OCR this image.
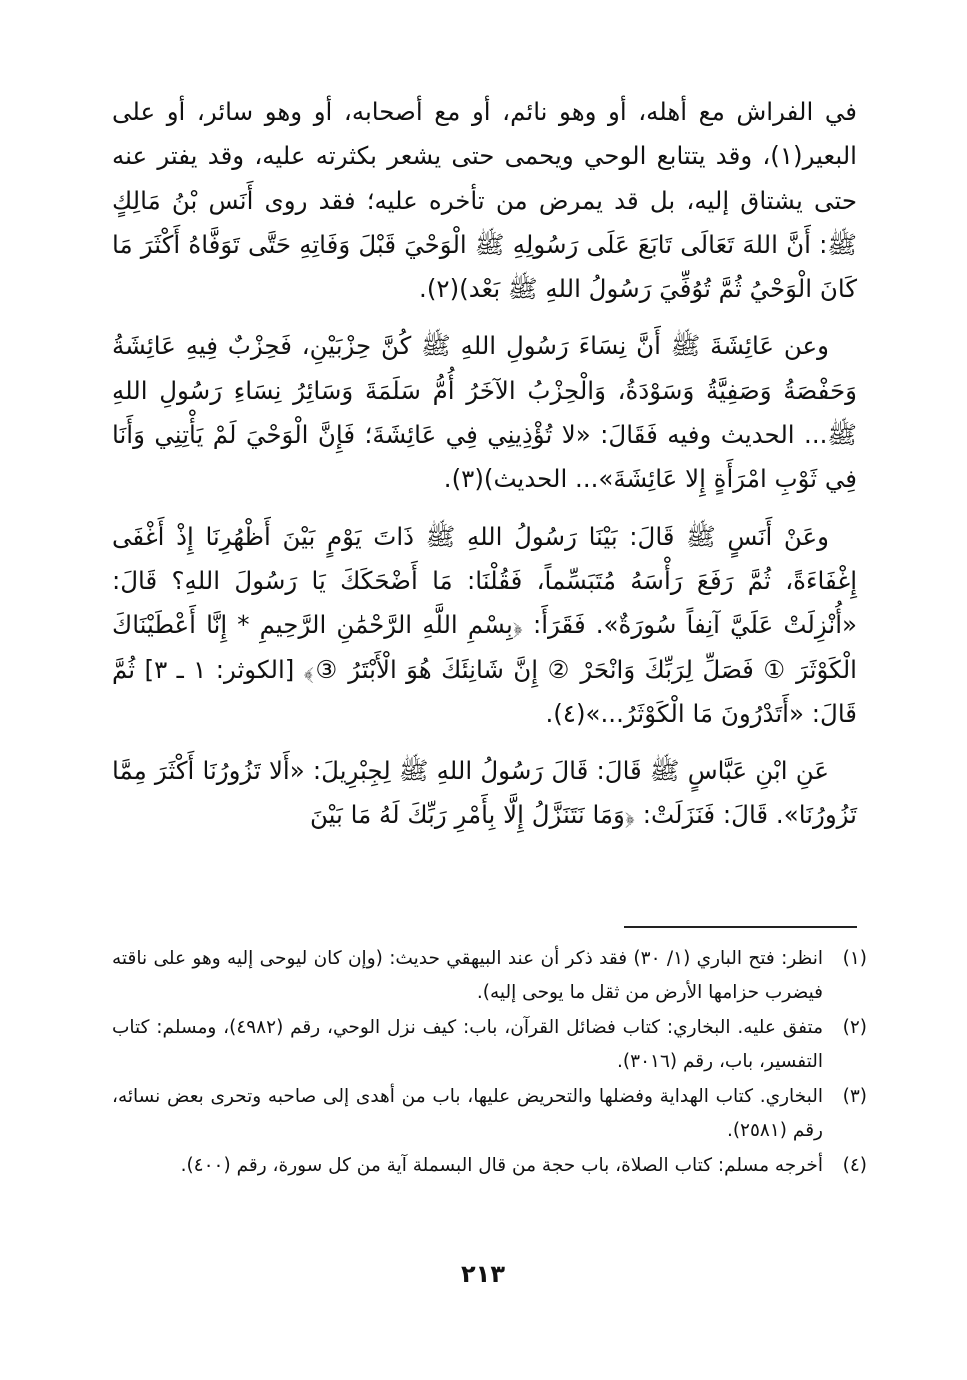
في الفراش مع أهله، أو وهو نائم، أو مع أصحابه، أو وهو سائر، أو على البعير(١)، وقد يتتابع الوحي ويحمى حتى يشعر بكثرته عليه، وقد يفتر عنه حتى يشتاق إليه، بل قد يمرض من تأخره عليه؛ فقد روى أَنَس بْنُ مَالِكٍ ﷺ: أَنَّ اللهَ تَعَالَى تَابَعَ عَلَى رَسُولِهِ ﷺ الْوَحْيَ قَبْلَ وَفَاتِهِ حَتَّى تَوَفَّاهُ أَكْثَرَ مَا كَانَ الْوَحْيُ ثُمَّ تُوُفِّيَ رَسُولُ اللهِ ﷺ بَعْد)(٢).

وعن عَائِشَةَ ﷺ أَنَّ نِسَاءَ رَسُولِ اللهِ ﷺ كُنَّ حِزْبَيْنِ، فَحِزْبٌ فِيهِ عَائِشَةُ وَحَفْصَةُ وَصَفِيَّةُ وَسَوْدَةُ، وَالْحِزْبُ الآخَرُ أُمُّ سَلَمَةَ وَسَائِرُ نِسَاءِ رَسُولِ اللهِ ﷺ... الحديث وفيه فَقَالَ: «لا تُؤْذِينِي فِي عَائِشَةَ؛ فَإِنَّ الْوَحْيَ لَمْ يَأْتِنِي وَأَنَا فِي ثَوْبِ امْرَأَةٍ إِلا عَائِشَةَ»... الحديث)(٣).

وعَنْ أَنَسٍ ﷺ قَالَ: بَيْنَا رَسُولُ اللهِ ﷺ ذَاتَ يَوْمٍ بَيْنَ أَظْهُرِنَا إِذْ أَغْفَى إِغْفَاءَةً، ثُمَّ رَفَعَ رَأْسَهُ مُتَبَسِّماً، فَقُلْنَا: مَا أَضْحَكَكَ يَا رَسُولَ اللهِ؟ قَالَ: «أُنْزِلَتْ عَلَيَّ آنِفاً سُورَةٌ». فَقَرَأَ: ﴿بِسْمِ اللَّهِ الرَّحْمَٰنِ الرَّحِيمِ * إِنَّا أَعْطَيْنَاكَ الْكَوْثَرَ ① فَصَلِّ لِرَبِّكَ وَانْحَرْ ② إِنَّ شَانِئَكَ هُوَ الْأَبْتَرُ ③﴾ [الكوثر: ١ ـ ٣] ثُمَّ قَالَ: «أَتَدْرُونَ مَا الْكَوْثَرُ...»(٤).

عَنِ ابْنِ عَبَّاسٍ ﷺ قَالَ: قَالَ رَسُولُ اللهِ ﷺ لِجِبْرِيلَ: «أَلا تَزُورُنَا أَكْثَرَ مِمَّا تَزُورُنَا». قَالَ: فَنَزَلَتْ: ﴿وَمَا نَتَنَزَّلُ إِلَّا بِأَمْرِ رَبِّكَ لَهُ مَا بَيْنَ

(١)
انظر: فتح الباري (١/ ٣٠) فقد ذكر أن عند البيهقي حديث: (وإن كان ليوحى إليه وهو على ناقته فيضرب حزامها الأرض من ثقل ما يوحى إليه).
(٢)
متفق عليه. البخاري: كتاب فضائل القرآن، باب: كيف نزل الوحي، رقم (٤٩٨٢)، ومسلم: كتاب التفسير، باب، رقم (٣٠١٦).
(٣)
البخاري. كتاب الهداية وفضلها والتحريض عليها، باب من أهدى إلى صاحبه وتحرى بعض نسائه، رقم (٢٥٨١).
(٤)
أخرجه مسلم: كتاب الصلاة، باب حجة من قال البسملة آية من كل سورة، رقم (٤٠٠).
٢١٣
